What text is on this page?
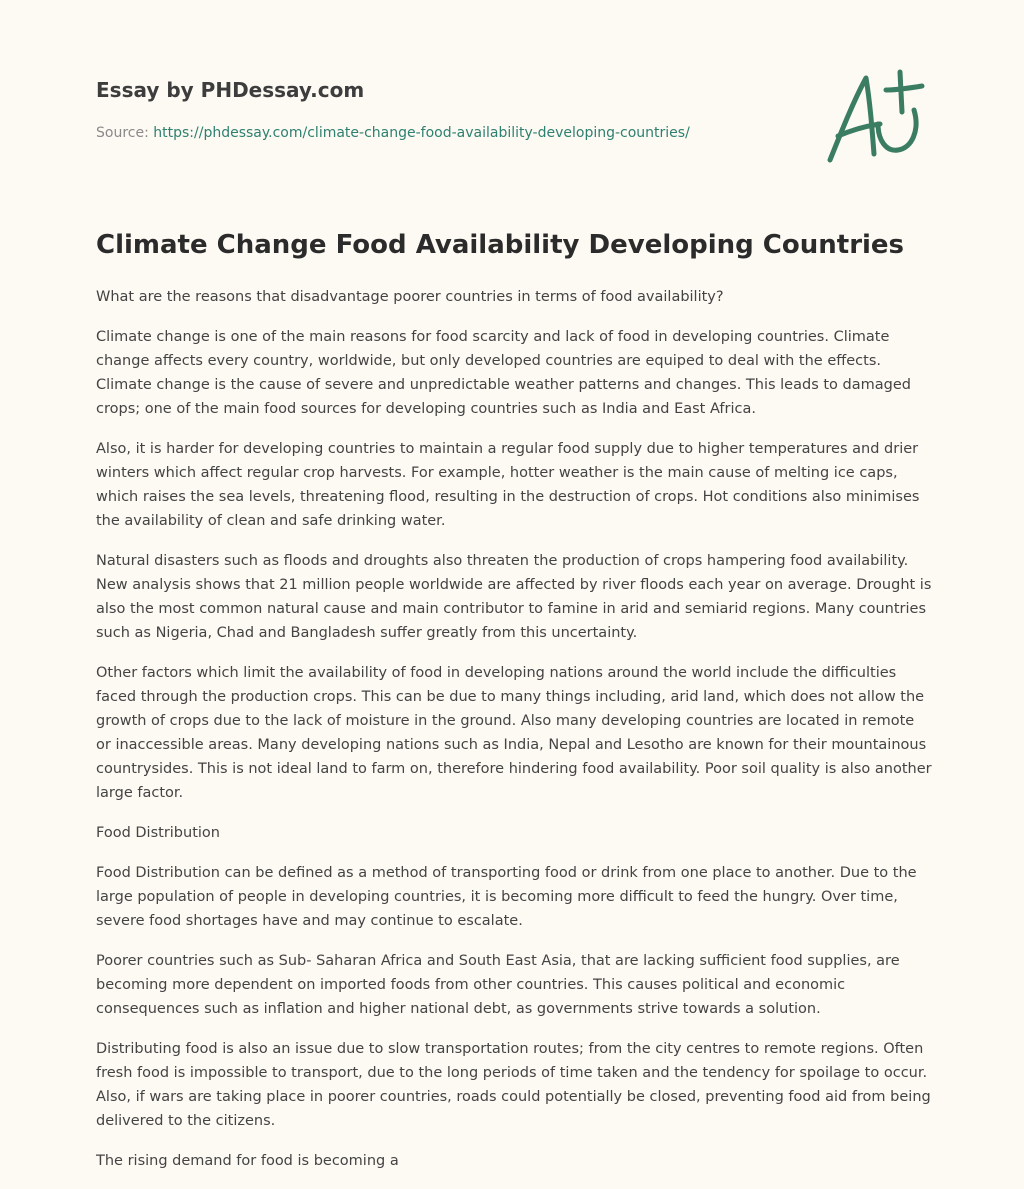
Essay by PHDessay.com

Source: https://phdessay.com/climate-change-food-availability-developing-countries/
Climate Change Food Availability Developing Countries

What are the reasons that disadvantage poorer countries in terms of food availability?

Climate change is one of the main reasons for food scarcity and lack of food in developing countries. Climate change affects every country, worldwide, but only developed countries are equiped to deal with the effects. Climate change is the cause of severe and unpredictable weather patterns and changes. This leads to damaged crops; one of the main food sources for developing countries such as India and East Africa.

Also, it is harder for developing countries to maintain a regular food supply due to higher temperatures and drier winters which affect regular crop harvests. For example, hotter weather is the main cause of melting ice caps, which raises the sea levels, threatening flood, resulting in the destruction of crops. Hot conditions also minimises the availability of clean and safe drinking water.

Natural disasters such as floods and droughts also threaten the production of crops hampering food availability. New analysis shows that 21 million people worldwide are affected by river floods each year on average. Drought is also the most common natural cause and main contributor to famine in arid and semiarid regions. Many countries such as Nigeria, Chad and Bangladesh suffer greatly from this uncertainty.

Other factors which limit the availability of food in developing nations around the world include the difficulties faced through the production crops. This can be due to many things including, arid land, which does not allow the growth of crops due to the lack of moisture in the ground. Also many developing countries are located in remote or inaccessible areas. Many developing nations such as India, Nepal and Lesotho are known for their mountainous countrysides. This is not ideal land to farm on, therefore hindering food availability. Poor soil quality is also another large factor.

Food Distribution

Food Distribution can be defined as a method of transporting food or drink from one place to another. Due to the large population of people in developing countries, it is becoming more difficult to feed the hungry. Over time, severe food shortages have and may continue to escalate.

Poorer countries such as Sub- Saharan Africa and South East Asia, that are lacking sufficient food supplies, are becoming more dependent on imported foods from other countries. This causes political and economic consequences such as inflation and higher national debt, as governments strive towards a solution.

Distributing food is also an issue due to slow transportation routes; from the city centres to remote regions. Often fresh food is impossible to transport, due to the long periods of time taken and the tendency for spoilage to occur. Also, if wars are taking place in poorer countries, roads could potentially be closed, preventing food aid from being delivered to the citizens.

The rising demand for food is becoming a
